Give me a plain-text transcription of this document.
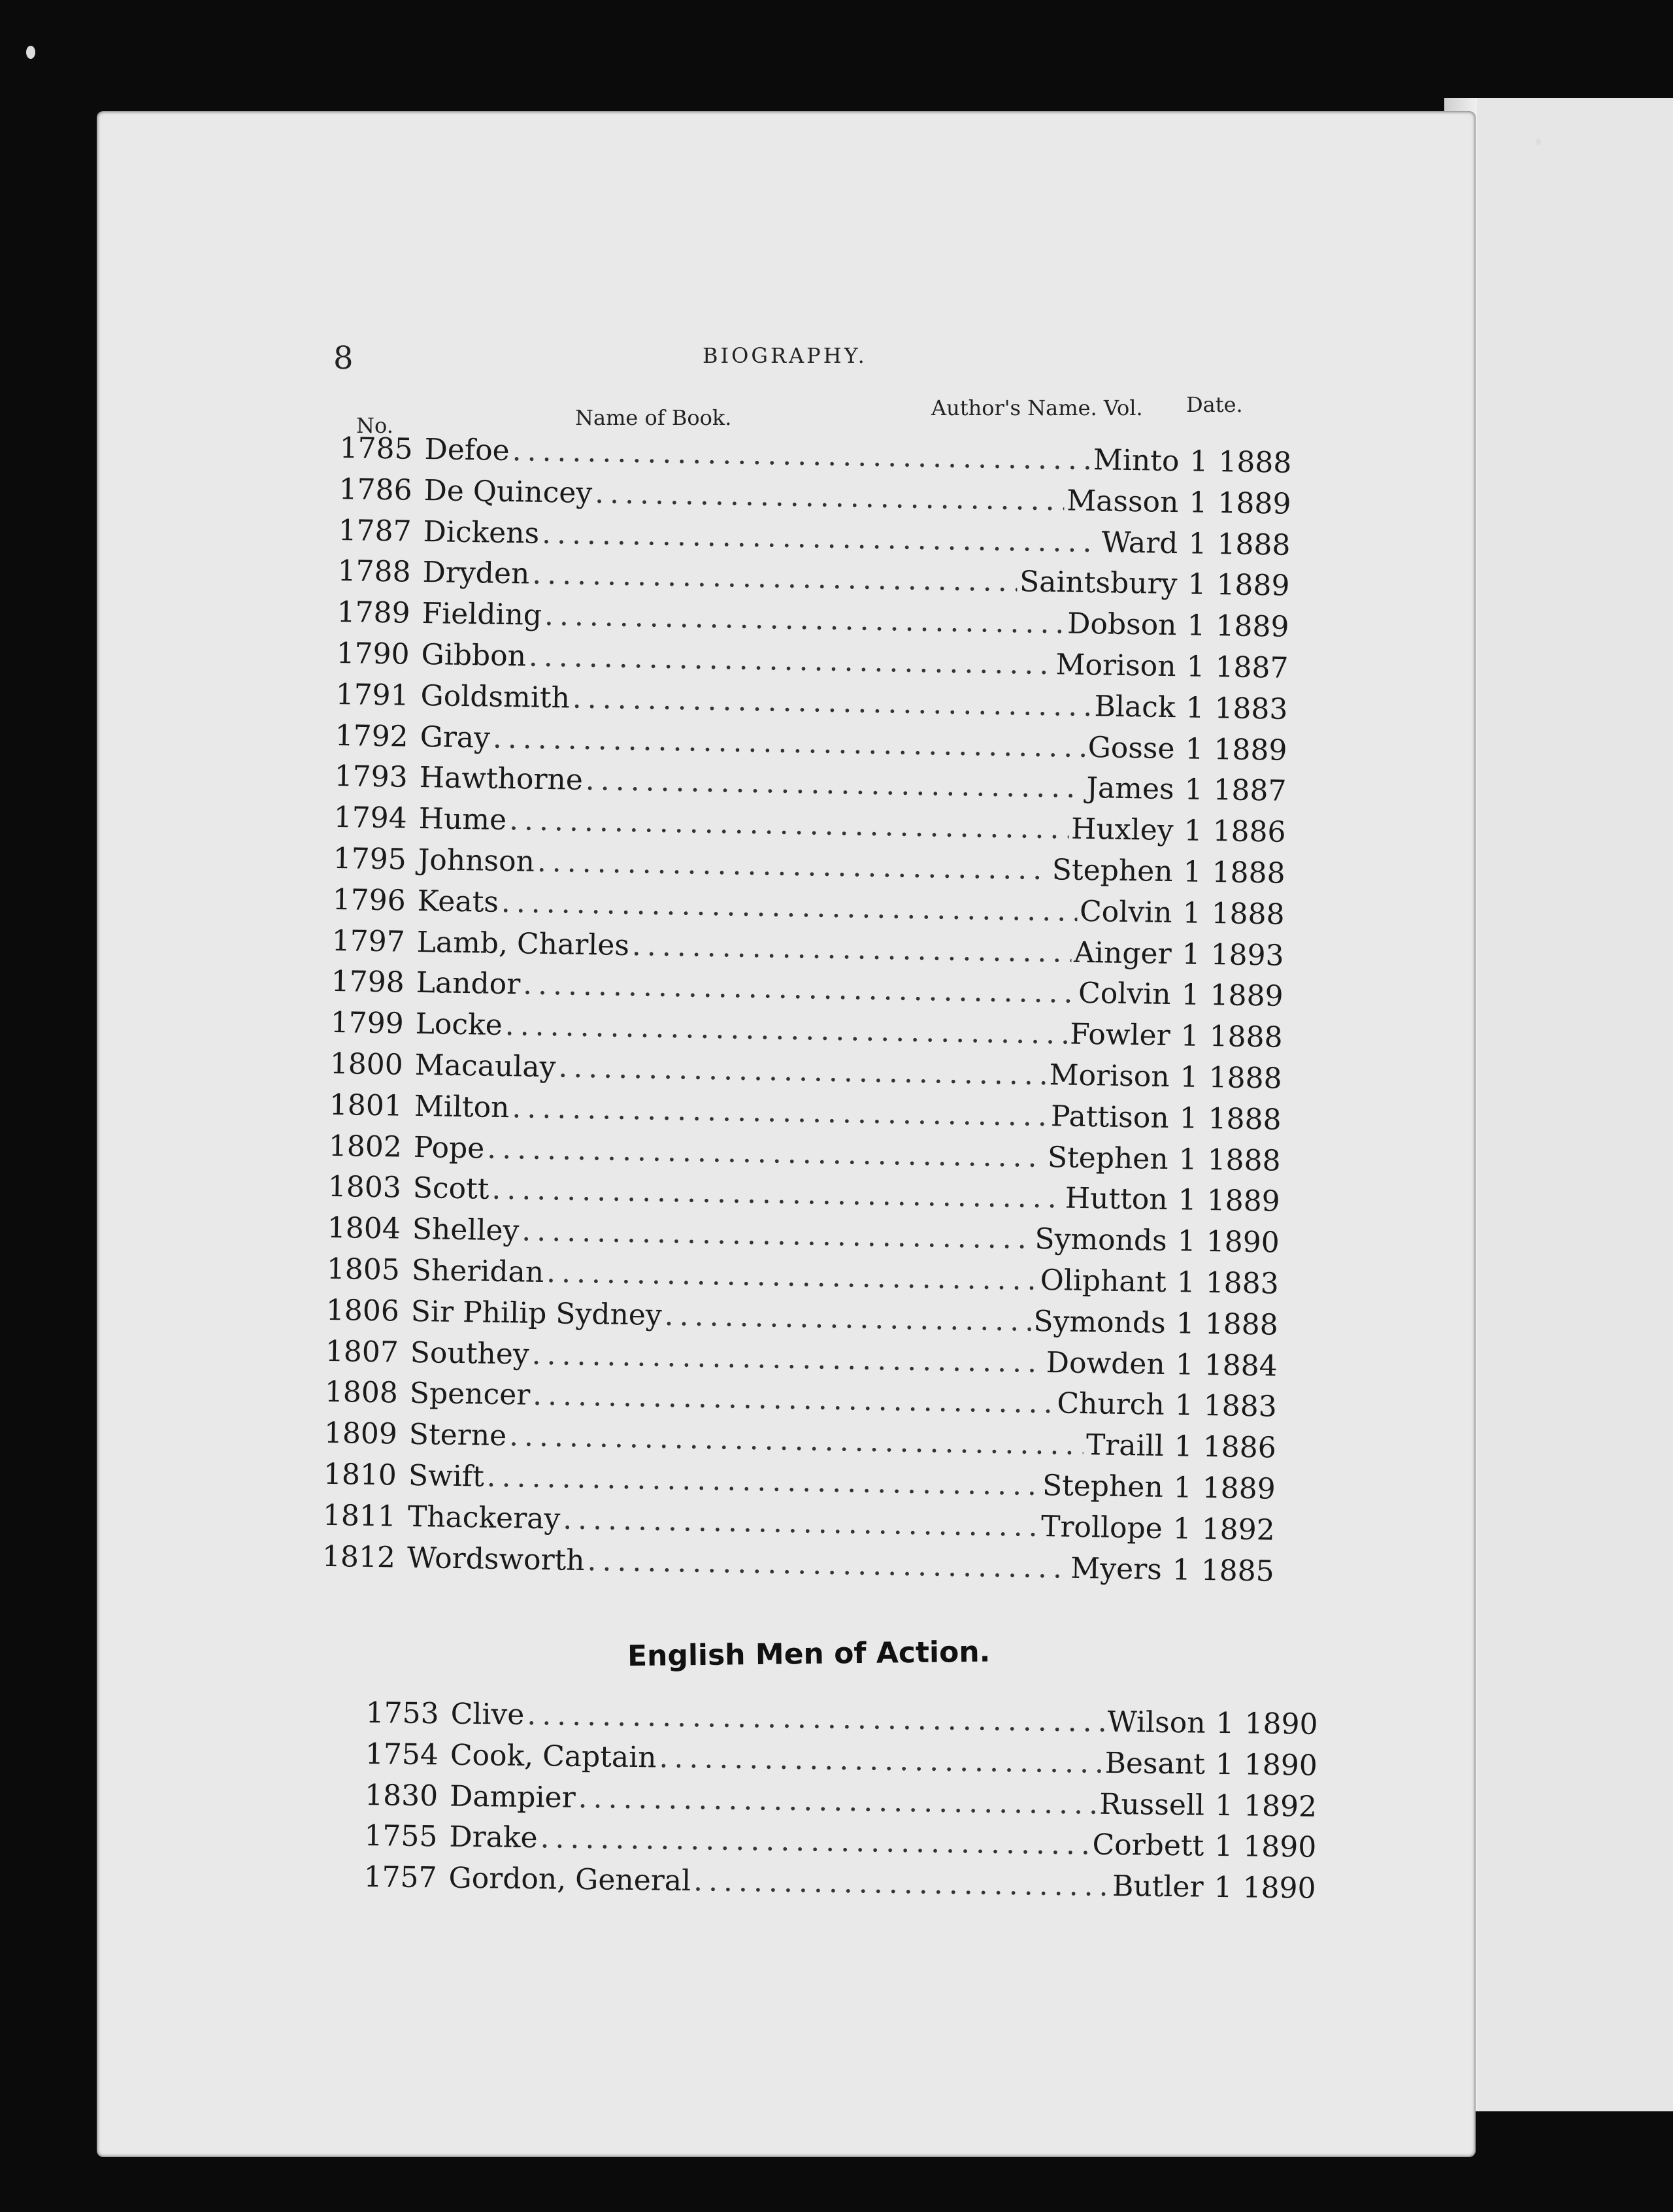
8	BIOGRAPHY.
No.	Name of Book.	Author's Name. Vol. Date.
1785 Defoe .....	Minto 1 1888
1786 De Quincey .....	Masson 1 1889
1787 Dickens .....	Ward 1 1888
1788 Dryden .....	Saintsbury 1 1889
1789 Fielding .....	Dobson 1 1889
1790 Gibbon .....	Morison 1 1887
1791 Goldsmith .....	Black 1 1883
1792 Gray .....	Gosse 1 1889
1793 Hawthorne .....	James 1 1887
1794 Hume .....	Huxley 1 1886
1795 Johnson .....	Stephen 1 1888
1796 Keats .....	Colvin 1 1888
1797 Lamb, Charles .....	Ainger 1 1893
1798 Landor .....	Colvin 1 1889
1799 Locke .....	Fowler 1 1888
1800 Macaulay .....	Morison 1 1888
1801 Milton .....	Pattison 1 1888
1802 Pope .....	Stephen 1 1888
1803 Scott .....	Hutton 1 1889
1804 Shelley .....	Symonds 1 1890
1805 Sheridan .....	Oliphant 1 1883
1806 Sir Philip Sydney .....	Symonds 1 1888
1807 Southey .....	Dowden 1 1884
1808 Spencer .....	Church 1 1883
1809 Sterne .....	Traill 1 1886
1810 Swift .....	Stephen 1 1889
1811 Thackeray .....	Trollope 1 1892
1812 Wordsworth .....	Myers 1 1885
English Men of Action.
1753 Clive .....	Wilson 1 1890
1754 Cook, Captain .....	Besant 1 1890
1830 Dampier .....	Russell 1 1892
1755 Drake .....	Corbett 1 1890
1757 Gordon, General .....	Butler 1 1890
